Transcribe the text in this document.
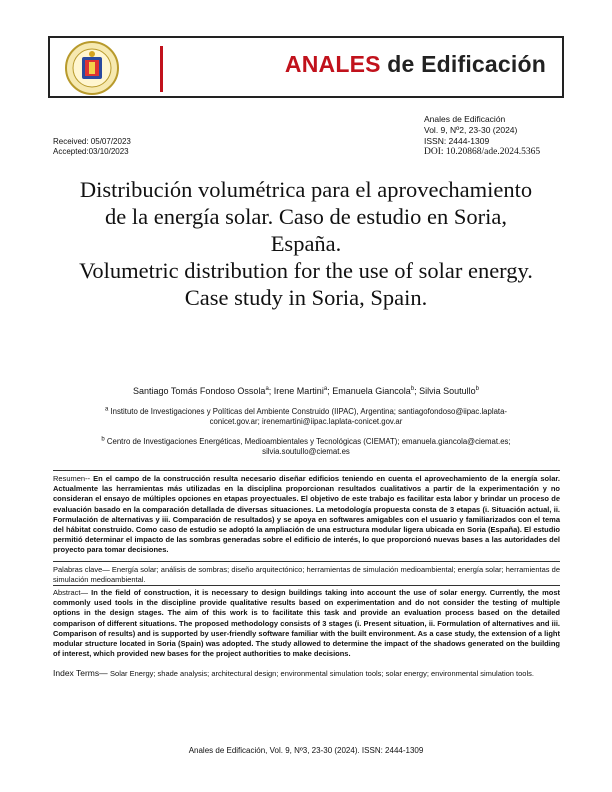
ANALES de Edificación
Received: 05/07/2023
Accepted:03/10/2023
Anales de Edificación
Vol. 9, Nº2, 23-30 (2024)
ISSN: 2444-1309
DOI: 10.20868/ade.2024.5365
Distribución volumétrica para el aprovechamiento
de la energía solar. Caso de estudio en Soria,
España.
Volumetric distribution for the use of solar energy.
Case study in Soria, Spain.
Santiago Tomás Fondoso Ossola$^a$; Irene Martini$^a$; Emanuela Giancola$^b$; Silvia Soutullo$^b$
$^a$ Instituto de Investigaciones y Políticas del Ambiente Construido (IIPAC), Argentina; santiagofondoso@iipac.laplata-conicet.gov.ar; irenemartini@iipac.laplata-conicet.gov.ar
$^b$ Centro de Investigaciones Energéticas, Medioambientales y Tecnológicas (CIEMAT); emanuela.giancola@ciemat.es; silvia.soutullo@ciemat.es
Resumen-- En el campo de la construcción resulta necesario diseñar edificios teniendo en cuenta el aprovechamiento de la energía solar. Actualmente las herramientas más utilizadas en la disciplina proporcionan resultados cualitativos a partir de la experimentación y no consideran el ensayo de múltiples opciones en etapas proyectuales. El objetivo de este trabajo es facilitar esta labor y brindar un proceso de evaluación basado en la comparación detallada de diversas situaciones. La metodología propuesta consta de 3 etapas (i. Situación actual, ii. Formulación de alternativas y iii. Comparación de resultados) y se apoya en softwares amigables con el usuario y familiarizados con el tema del hábitat construido. Como caso de estudio se adoptó la ampliación de una estructura modular ligera ubicada en Soria (España). El estudio permitió determinar el impacto de las sombras generadas sobre el edificio de interés, lo que proporcionó nuevas bases a las autoridades del proyecto para tomar decisiones.
Palabras clave— Energía solar; análisis de sombras; diseño arquitectónico; herramientas de simulación medioambiental; energía solar; herramientas de simulación medioambiental.
Abstract— In the field of construction, it is necessary to design buildings taking into account the use of solar energy. Currently, the most commonly used tools in the discipline provide qualitative results based on experimentation and do not consider the testing of multiple options in the design stages. The aim of this work is to facilitate this task and provide an evaluation process based on the detailed comparison of different situations. The proposed methodology consists of 3 stages (i. Present situation, ii. Formulation of alternatives and iii. Comparison of results) and is supported by user-friendly software familiar with the built environment. As a case study, the extension of a light modular structure located in Soria (Spain) was adopted. The study allowed to determine the impact of the shadows generated on the building of interest, which provided new bases for the project authorities to make decisions.
Index Terms— Solar Energy; shade analysis; architectural design; environmental simulation tools; solar energy; environmental simulation tools.
Anales de Edificación, Vol. 9, Nº3, 23-30 (2024). ISSN: 2444-1309
